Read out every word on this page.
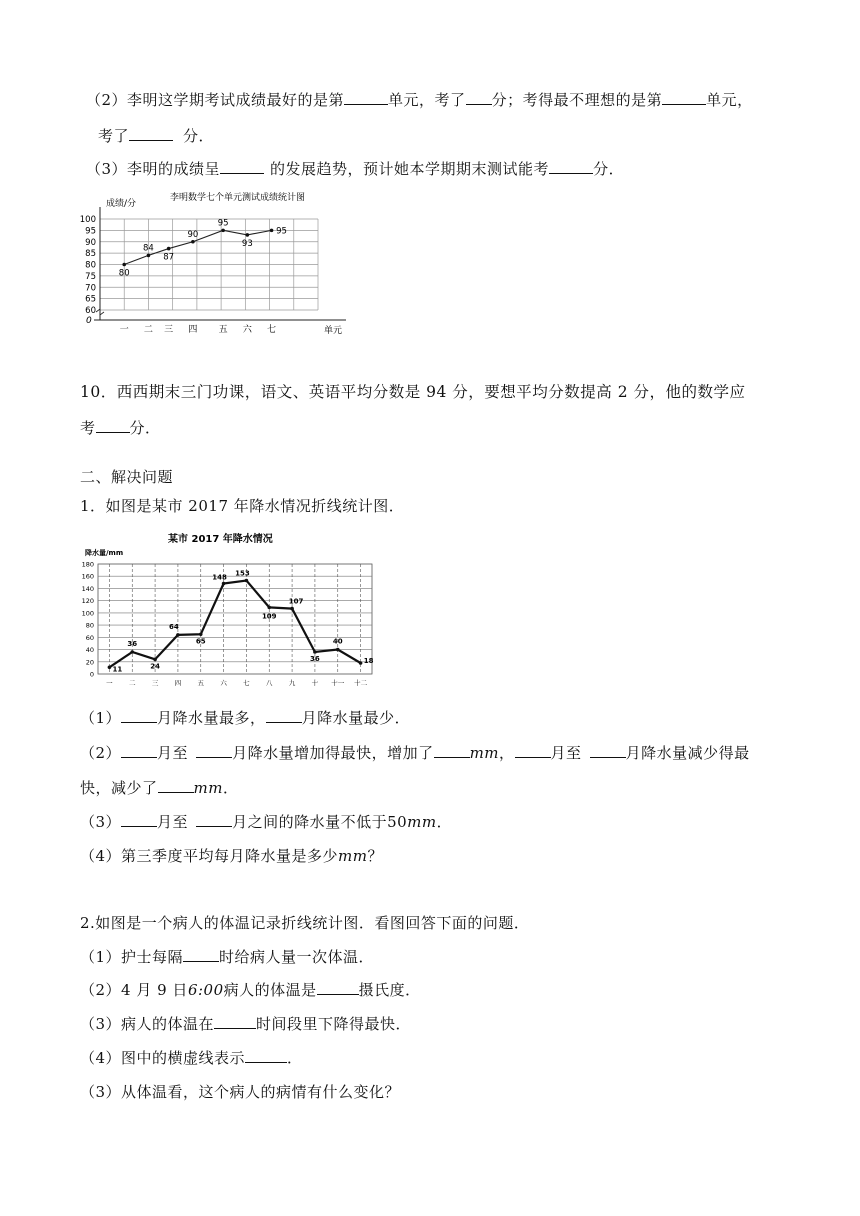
（2）李明这学期考试成绩最好的是第	单元，考了 分；考得最不理想的是第	单元，
考了	分．
（3）李明的成绩呈	的发展趋势，预计她本学期期末测试能考	分．
李明数学七个单元测试成绩统计图
成绩/分
100
95
90
85
80
75
70
65
60
0
一 二 三 四 五 六 七
80
84
87
90
95
93
95
单元
10．西西期末三门功课，语文、英语平均分数是 94 分，要想平均分数提高 2 分，他的数学应
考 分．
二、解决问题
1．如图是某市 2017 年降水情况折线统计图．
某市 2017 年降水情况
降水量/mm
180
160
140
120
100
80
60
40
20
0
一	二	三	四	五	六	七	八	九	十 十一 十二
11
36
24
64
65
148
153
109
107
36
40
18
（1） 月降水量最多， 月降水量最少．
（2） 月至	月降水量增加得最快，增加了 mm， 月至	月降水量减少得最
快，减少了 mm．
（3） 月至	月之间的降水量不低于50mm．
（4）第三季度平均每月降水量是多少mm？
2.如图是一个病人的体温记录折线统计图．看图回答下面的问题．
（1）护士每隔 时给病人量一次体温．
（2）4 月 9 日6:00病人的体温是	摄氏度．
（3）病人的体温在	时间段里下降得最快．
（4）图中的横虚线表示	．
（3）从体温看，这个病人的病情有什么变化？
